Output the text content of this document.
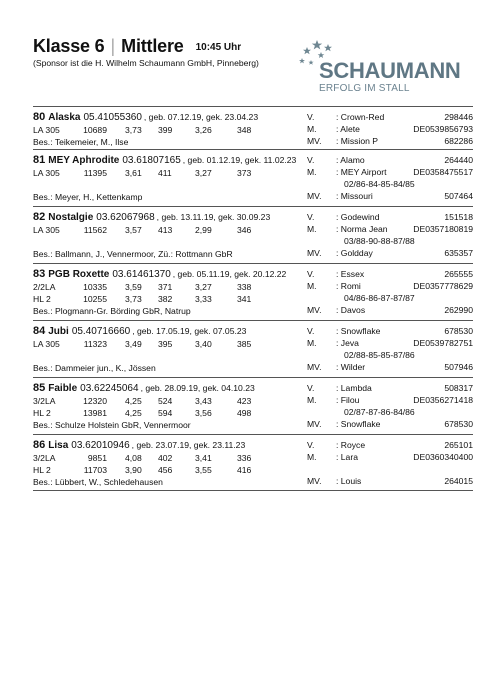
Klasse 6 | Mittlere 10:45 Uhr
(Sponsor ist die H. Wilhelm Schaumann GmbH, Pinneberg)	SCHAUMANN
ERFOLG IM STALL
80 Alaska 05.41055360 , geb. 07.12.19, gek. 23.04.23
LA 305	10689 3,73 399	3,26	348
Bes.: Teikemeier, M., Ilse
V.	: Crown-Red	298446
M. : Alete	DE0539856793
MV. : Mission P	682286
81 MEY Aphrodite 03.61807165 , geb. 01.12.19, gek. 11.02.23
LA 305	11395 3,61 411	3,27	373
Bes.: Meyer, H., Kettenkamp
V.	: Alamo	264440
M. : MEY Airport	DE0358475517
02/86-84-85-84/85
MV. : Missouri	507464
82 Nostalgie 03.62067968 , geb. 13.11.19, gek. 30.09.23
LA 305	11562 3,57 413	2,99	346
Bes.: Ballmann, J., Vennermoor, Zü.: Rottmann GbR
V.	: Godewind	151518
M. : Norma Jean	DE0357180819
03/88-90-88-87/88
MV. : Goldday	635357
83 PGB Roxette 03.61461370 , geb. 05.11.19, gek. 20.12.22
2/2LA	10335 3,59 371	3,27	338
HL 2	10255 3,73 382	3,33	341
Bes.: Plogmann-Gr. Börding GbR, Natrup
V.	: Essex	265555
M. : Romi	DE0357778629
04/86-86-87-87/87
MV. : Davos	262990
84 Jubi 05.40716660 , geb. 17.05.19, gek. 07.05.23
LA 305	11323 3,49 395	3,40	385
Bes.: Dammeier jun., K., Jössen
V.	: Snowflake	678530
M. : Jeva	DE0539782751
02/88-85-85-87/86
MV. : Wilder	507946
85 Faible 03.62245064 , geb. 28.09.19, gek. 04.10.23
3/2LA	12320 4,25 524	3,43	423
HL 2	13981 4,25 594	3,56	498
Bes.: Schulze Holstein GbR, Vennermoor
V.	: Lambda	508317
M. : Filou	DE0356271418
02/87-87-86-84/86
MV. : Snowflake	678530
86 Lisa 03.62010946 , geb. 23.07.19, gek. 23.11.23
3/2LA	9851 4,08 402	3,41	336
HL 2	11703 3,90 456	3,55	416
Bes.: Lübbert, W., Schledehausen
V.	: Royce	265101
M. : Lara	DE0360340400
MV. : Louis	264015
